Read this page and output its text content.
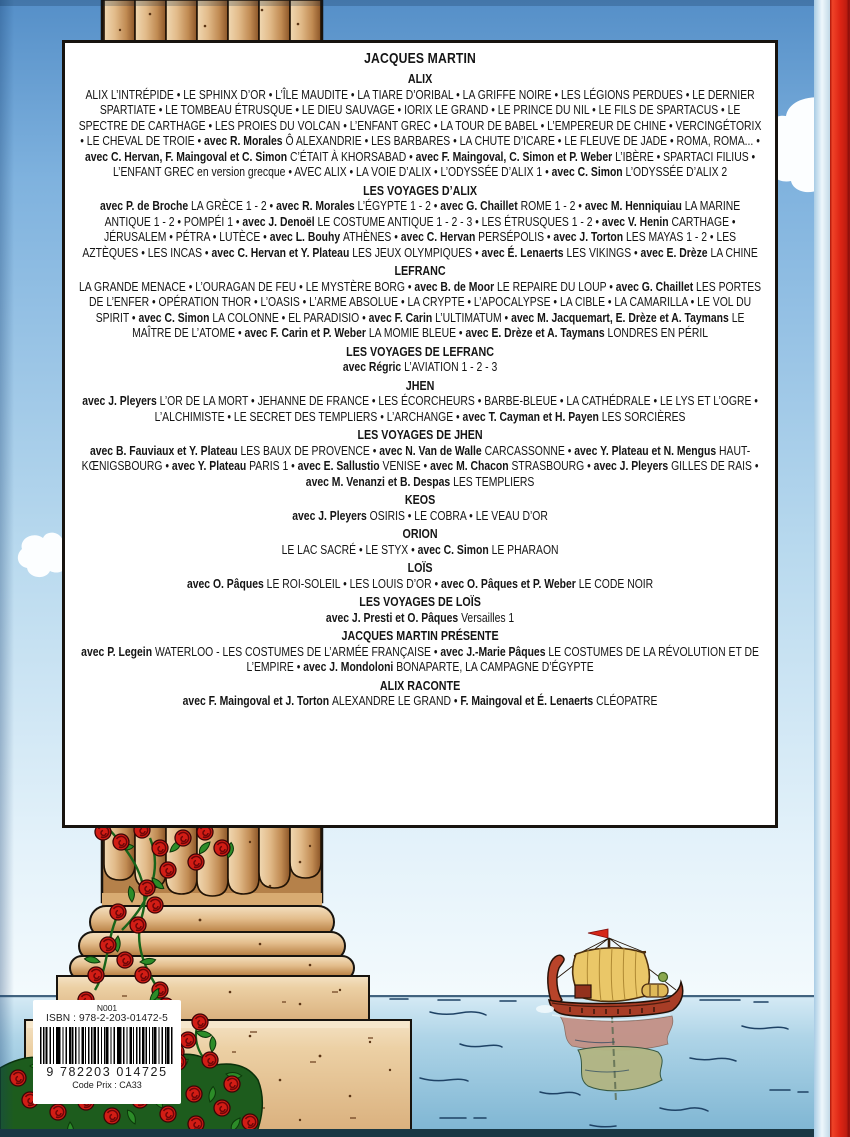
JACQUES MARTIN
ALIX
ALIX L’INTRÉPIDE • LE SPHINX D’OR • L’ÎLE MAUDITE • LA TIARE D’ORIBAL • LA GRIFFE NOIRE • LES LÉGIONS PERDUES • LE DERNIER SPARTIATE • LE TOMBEAU ÉTRUSQUE • LE DIEU SAUVAGE • IORIX LE GRAND • LE PRINCE DU NIL • LE FILS DE SPARTACUS • LE SPECTRE DE CARTHAGE • LES PROIES DU VOLCAN • L’ENFANT GREC • LA TOUR DE BABEL • L’EMPEREUR DE CHINE • VERCINGÉTORIX • LE CHEVAL DE TROIE • avec R. Morales Ô ALEXANDRIE • LES BARBARES • LA CHUTE D’ICARE • LE FLEUVE DE JADE • ROMA, ROMA... • avec C. Hervan, F. Maingoval et C. Simon C’ÉTAIT À KHORSABAD • avec F. Maingoval, C. Simon et P. Weber L’IBÈRE • SPARTACI FILIUS • L’ENFANT GREC en version grecque • AVEC ALIX • LA VOIE D’ALIX • L’ODYSSÉE D’ALIX 1 • avec C. Simon L’ODYSSÉE D’ALIX 2
LES VOYAGES D’ALIX
avec P. de Broche LA GRÈCE 1 - 2 • avec R. Morales L’ÉGYPTE 1 - 2 • avec G. Chaillet ROME 1 - 2 • avec M. Henniquiau LA MARINE ANTIQUE 1 - 2 • POMPÉI 1 • avec J. Denoël LE COSTUME ANTIQUE 1 - 2 - 3 • LES ÉTRUSQUES 1 - 2 • avec V. Henin CARTHAGE • JÉRUSALEM • PÉTRA • LUTÈCE • avec L. Bouhy ATHÈNES • avec C. Hervan PERSÉPOLIS • avec J. Torton LES MAYAS 1 - 2 • LES AZTÈQUES • LES INCAS • avec C. Hervan et Y. Plateau LES JEUX OLYMPIQUES • avec É. Lenaerts LES VIKINGS • avec E. Drèze LA CHINE
LEFRANC
LA GRANDE MENACE • L’OURAGAN DE FEU • LE MYSTÈRE BORG • avec B. de Moor LE REPAIRE DU LOUP • avec G. Chaillet LES PORTES DE L’ENFER • OPÉRATION THOR • L’OASIS • L’ARME ABSOLUE • LA CRYPTE • L’APOCALYPSE • LA CIBLE • LA CAMARILLA • LE VOL DU SPIRIT • avec C. Simon LA COLONNE • EL PARADISIO • avec F. Carin L’ULTIMATUM • avec M. Jacquemart, E. Drèze et A. Taymans LE MAÎTRE DE L’ATOME • avec F. Carin et P. Weber LA MOMIE BLEUE • avec E. Drèze et A. Taymans LONDRES EN PÉRIL
LES VOYAGES DE LEFRANC
avec Régric L’AVIATION 1 - 2 - 3
JHEN
avec J. Pleyers L’OR DE LA MORT • JEHANNE DE FRANCE • LES ÉCORCHEURS • BARBE-BLEUE • LA CATHÉDRALE • LE LYS ET L’OGRE • L’ALCHIMISTE • LE SECRET DES TEMPLIERS • L’ARCHANGE • avec T. Cayman et H. Payen LES SORCIÈRES
LES VOYAGES DE JHEN
avec B. Fauviaux et Y. Plateau LES BAUX DE PROVENCE • avec N. Van de Walle CARCASSONNE • avec Y. Plateau et N. Mengus HAUT-KŒNIGSBOURG • avec Y. Plateau PARIS 1 • avec E. Sallustio VENISE • avec M. Chacon STRASBOURG • avec J. Pleyers GILLES DE RAIS • avec M. Venanzi et B. Despas LES TEMPLIERS
KEOS
avec J. Pleyers OSIRIS • LE COBRA • LE VEAU D’OR
ORION
LE LAC SACRÉ • LE STYX • avec C. Simon LE PHARAON
LOÏS
avec O. Pâques LE ROI-SOLEIL • LES LOUIS D’OR • avec O. Pâques et P. Weber LE CODE NOIR
LES VOYAGES DE LOÏS
avec J. Presti et O. Pâques Versailles 1
JACQUES MARTIN PRÉSENTE
avec P. Legein WATERLOO - LES COSTUMES DE L’ARMÉE FRANÇAISE • avec J.-Marie Pâques LE COSTUMES DE LA RÉVOLUTION ET DE L’EMPIRE • avec J. Mondoloni BONAPARTE, LA CAMPAGNE D’ÉGYPTE
ALIX RACONTE
avec F. Maingoval et J. Torton ALEXANDRE LE GRAND • F. Maingoval et É. Lenaerts CLÉOPATRE
N001
ISBN : 978-2-203-01472-5
9 782203 014725
Code Prix : CA33
